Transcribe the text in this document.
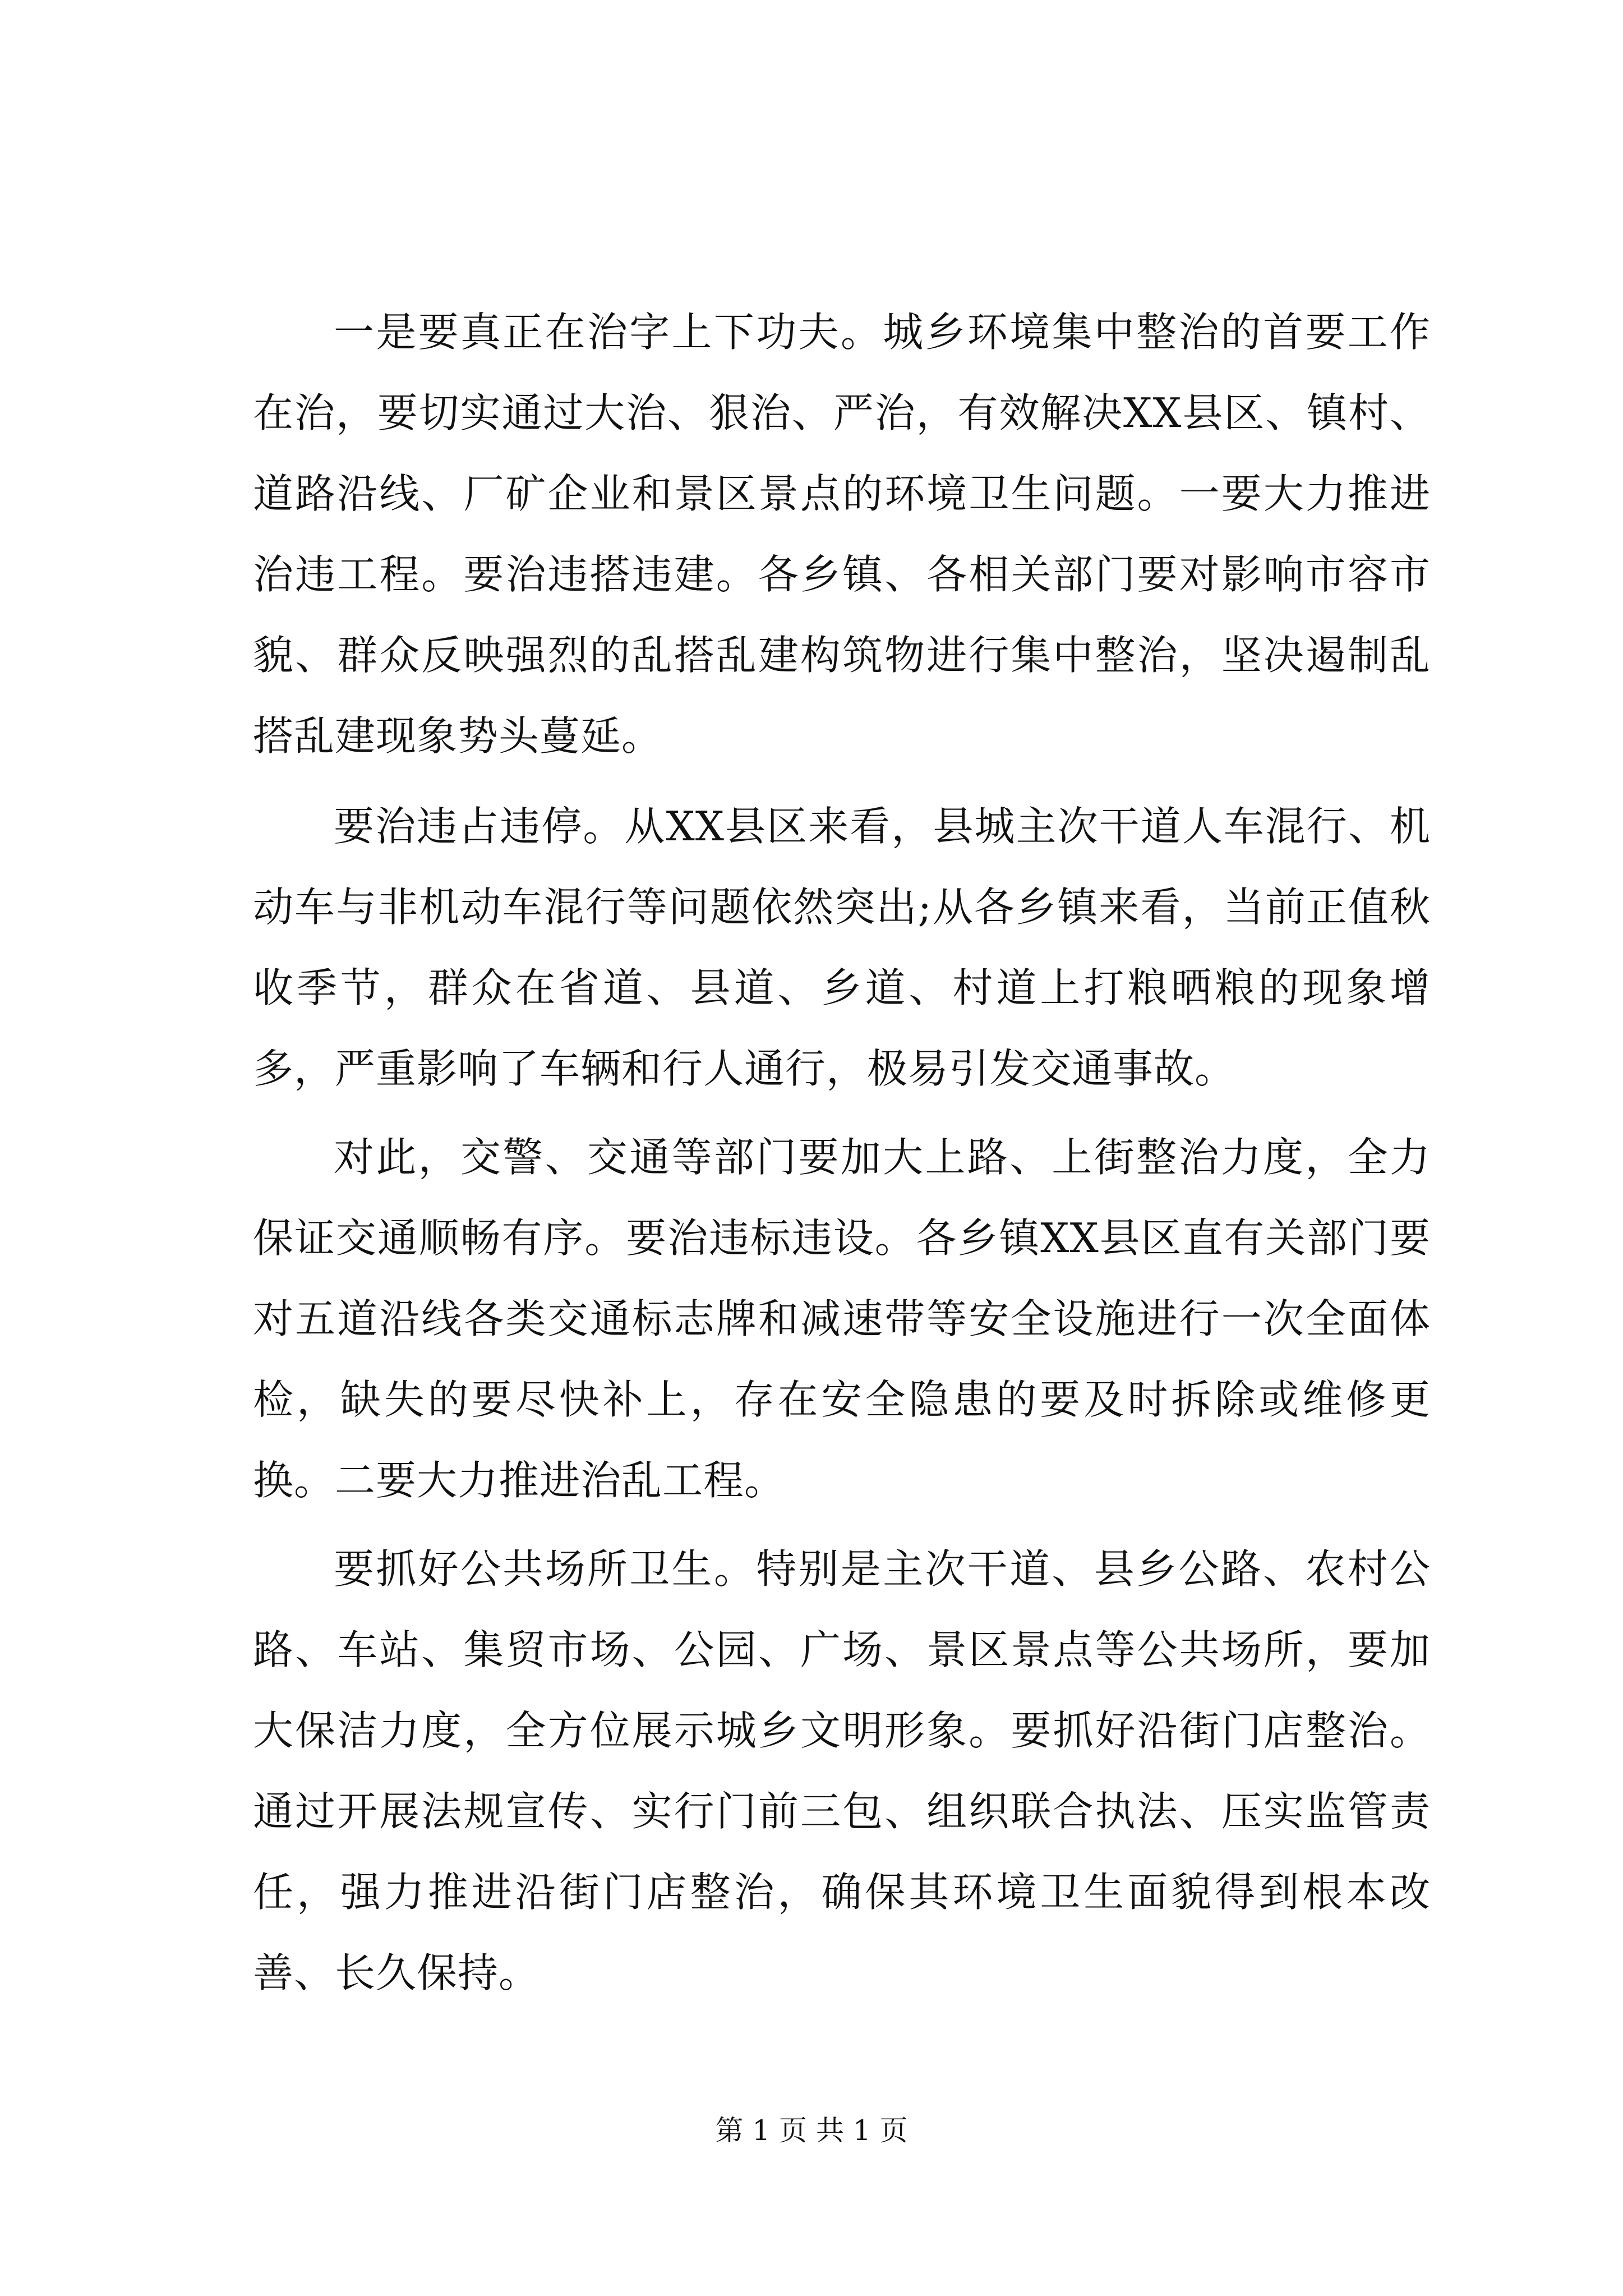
一是要真正在治字上下功夫。城乡环境集中整治的首要工作在治，要切实通过大治、狠治、严治，有效解决XX县区、镇村、道路沿线、厂矿企业和景区景点的环境卫生问题。一要大力推进治违工程。要治违搭违建。各乡镇、各相关部门要对影响市容市貌、群众反映强烈的乱搭乱建构筑物进行集中整治，坚决遏制乱搭乱建现象势头蔓延。

要治违占违停。从XX县区来看，县城主次干道人车混行、机动车与非机动车混行等问题依然突出;从各乡镇来看，当前正值秋收季节，群众在省道、县道、乡道、村道上打粮晒粮的现象增多，严重影响了车辆和行人通行，极易引发交通事故。

对此，交警、交通等部门要加大上路、上街整治力度，全力保证交通顺畅有序。要治违标违设。各乡镇XX县区直有关部门要对五道沿线各类交通标志牌和减速带等安全设施进行一次全面体检，缺失的要尽快补上，存在安全隐患的要及时拆除或维修更换。二要大力推进治乱工程。

要抓好公共场所卫生。特别是主次干道、县乡公路、农村公路、车站、集贸市场、公园、广场、景区景点等公共场所，要加大保洁力度，全方位展示城乡文明形象。要抓好沿街门店整治。通过开展法规宣传、实行门前三包、组织联合执法、压实监管责任，强力推进沿街门店整治，确保其环境卫生面貌得到根本改善、长久保持。

第 1 页 共 1 页
